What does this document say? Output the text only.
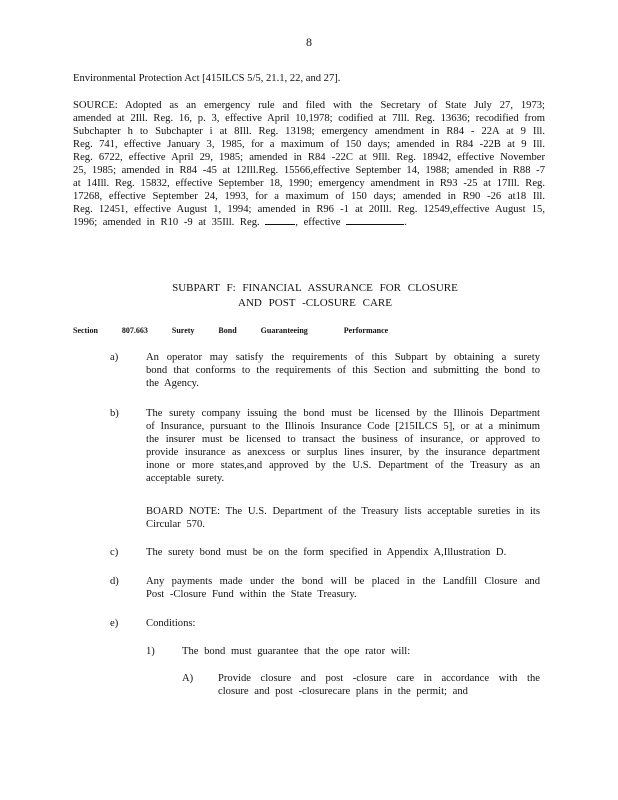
8
Environmental Protection Act [415ILCS 5/5, 21.1, 22, and 27].
SOURCE: Adopted as an emergency rule and filed with the Secretary of State July 27, 1973; amended at 2Ill. Reg. 16, p. 3, effective April 10,1978; codified at 7Ill. Reg. 13636; recodified from Subchapter h to Subchapter i at 8Ill. Reg. 13198; emergency amendment in R84 - 22A at 9 Ill. Reg. 741, effective January 3, 1985, for a maximum of 150 days; amended in R84 -22B at 9 Ill. Reg. 6722, effective April 29, 1985; amended in R84 -22C at 9Ill. Reg. 18942, effective November 25, 1985; amended in R84 -45 at 12Ill.Reg. 15566,effective September 14, 1988; amended in R88 -7 at 14Ill. Reg. 15832, effective September 18, 1990; emergency amendment in R93 -25 at 17Ill. Reg. 17268, effective September 24, 1993, for a maximum of 150 days; amended in R90 -26 at18 Ill. Reg. 12451, effective August 1, 1994; amended in R96 -1 at 20Ill. Reg. 12549,effective August 15, 1996; amended in R10 -9 at 35Ill. Reg.	, effective	.
SUBPART F: FINANCIAL ASSURANCE FOR CLOSURE
AND POST -CLOSURE CARE
Section	807.663	Surety	Bond	Guaranteeing	Performance
a)	An operator may satisfy the requirements of this Subpart by obtaining a surety bond that conforms to the requirements of this Section and submitting the bond to the Agency.
b)	The surety company issuing the bond must be licensed by the Illinois Department of Insurance, pursuant to the Illinois Insurance Code [215ILCS 5], or at a minimum the insurer must be licensed to transact the business of insurance, or approved to provide insurance as anexcess or surplus lines insurer, by the insurance department inone or more states,and approved by the U.S. Department of the Treasury as an acceptable surety.
BOARD NOTE: The U.S. Department of the Treasury lists acceptable sureties in its Circular 570.
c)	The surety bond must be on the form specified in Appendix A,Illustration D.
d)	Any payments made under the bond will be placed in the Landfill Closure and Post -Closure Fund within the State Treasury.
e)	Conditions:
1)	The bond must guarantee that the ope rator will:
A) Provide closure and post -closure care in accordance with the closure and post -closurecare plans in the permit; and
